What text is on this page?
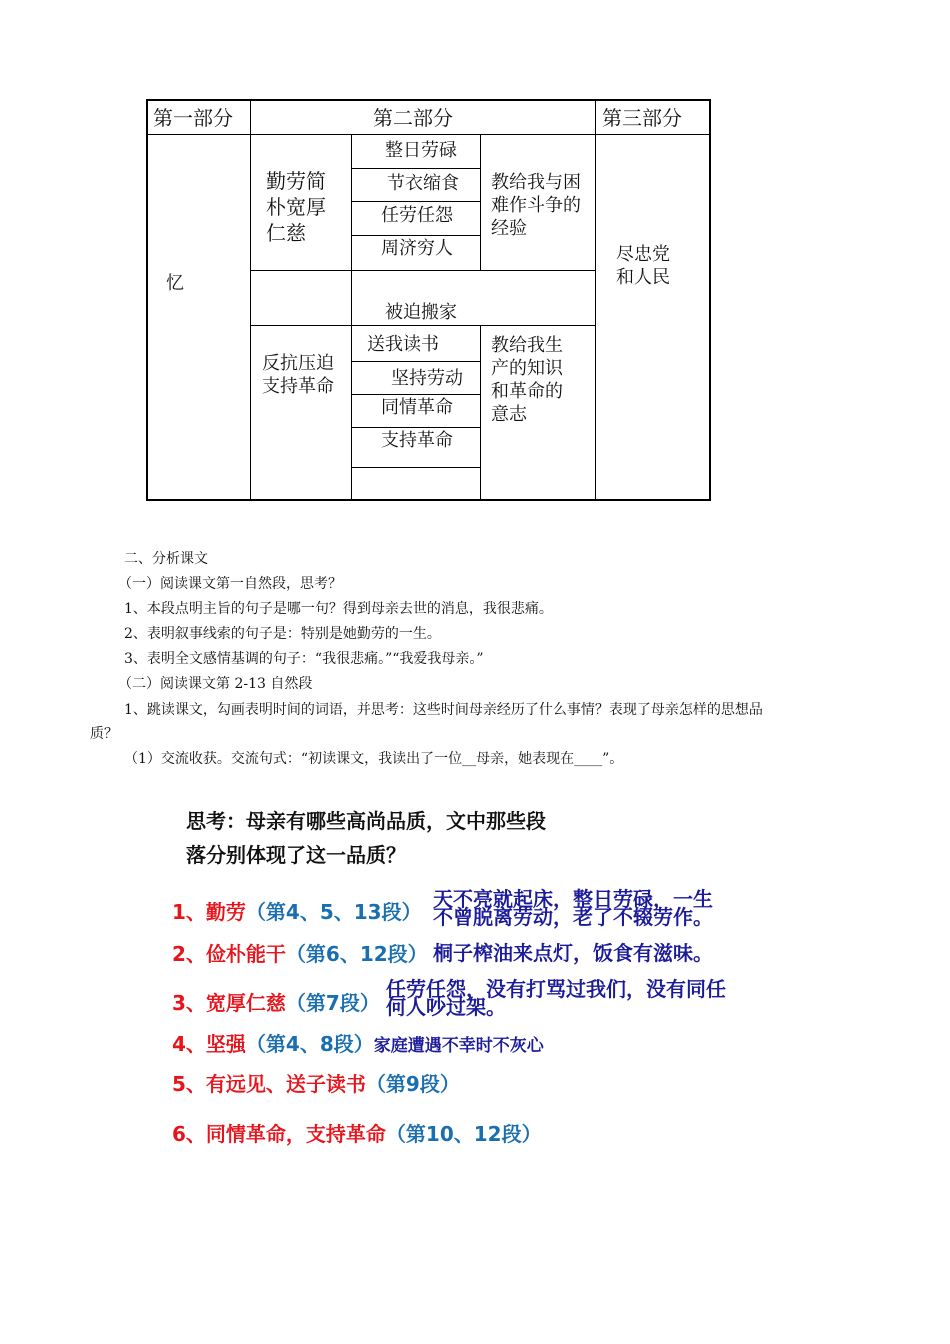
第一部分	第二部分	第三部分
忆
勤劳简
朴宽厚
仁慈
整日劳碌
节衣缩食
任劳任怨
周济穷人
教给我与困
难作斗争的
经验
被迫搬家
反抗压迫
支持革命
送我读书
坚持劳动
同情革命
支持革命
教给我生
产的知识
和革命的
意志
尽忠党
和人民
二、分析课文
（一）阅读课文第一自然段，思考？
1、本段点明主旨的句子是哪一句？得到母亲去世的消息，我很悲痛。
2、表明叙事线索的句子是：特别是她勤劳的一生。
3、表明全文感情基调的句子：“我很悲痛。”“我爱我母亲。”
（二）阅读课文第 2-13 自然段
1、跳读课文，勾画表明时间的词语，并思考：这些时间母亲经历了什么事情？表现了母亲怎样的思想品
质？
（1）交流收获。交流句式：“初读课文，我读出了一位__母亲，她表现在____”。
思考：母亲有哪些高尚品质，文中那些段
落分别体现了这一品质？
1、勤劳（第4、5、13段）
天不亮就起床，整日劳碌，一生
不曾脱离劳动，老了不辍劳作。
2、俭朴能干（第6、12段） 桐子榨油来点灯，饭食有滋味。
3、宽厚仁慈（第7段）
任劳任怨，没有打骂过我们，没有同任
何人吵过架。
4、坚强（第4、8段）家庭遭遇不幸时不灰心
5、有远见、送子读书（第9段）
6、同情革命，支持革命（第10、12段）
